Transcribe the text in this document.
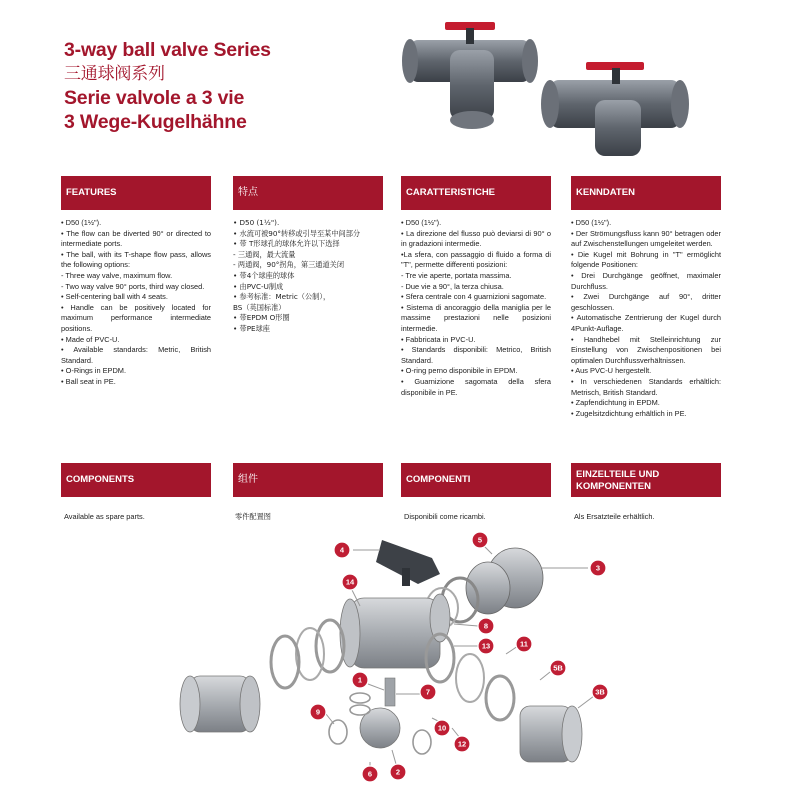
3-way ball valve Series
三通球阀系列
Serie valvole a 3 vie
3 Wege-Kugelhähne
FEATURES
• D50 (1½").
• The flow can be diverted 90° or directed to intermediate ports.
• The ball, with its T-shape flow pass, allows the following options:
- Three way valve, maximum flow.
- Two way valve 90° ports, third way closed.
• Self-centering ball with 4 seats.
• Handle can be positively located for maximum performance intermediate positions.
• Made of PVC-U.
• Available standards: Metric, British Standard.
• O-Rings in EPDM.
• Ball seat in PE.
特点
• D50 (1½").
• 水流可被90°转移或引导至某中间部分
• 带 T形球孔的球体允许以下选择
- 三通阀，最大流量
- 两通阀，90°拐角，第三通道关闭
• 带4个球座的球体
• 由PVC-U制成
• 参考标准：Metric（公制），
BS（英国标准）
• 带EPDM O形圈
• 带PE球座
CARATTERISTICHE
• D50 (1½").
• La direzione del flusso può deviarsi di 90° o in gradazioni intermedie.
•La sfera, con passaggio di fluido a forma di "T", permette differenti posizioni:
- Tre vie aperte, portata massima.
- Due vie a 90°, la terza chiusa.
• Sfera centrale con 4 guarnizioni sagomate.
• Sistema di ancoraggio della maniglia per le massime prestazioni nelle posizioni intermedie.
• Fabbricata in PVC-U.
• Standards disponibili: Metrico, British Standard.
• O-ring perno disponibile in EPDM.
• Guarnizione sagomata della sfera disponibile in PE.
KENNDATEN
• D50 (1½").
• Der Strömungsfluss kann 90° betragen oder auf Zwischenstellungen umgeleitet werden.
• Die Kugel mit Bohrung in "T" ermöglicht folgende Positionen:
• Drei Durchgänge geöffnet, maximaler Durchfluss.
• Zwei Durchgänge auf 90°, dritter geschlossen.
• Automatische Zentrierung der Kugel durch 4Punkt-Auflage.
• Handhebel mit Stelleinrichtung zur Einstellung von Zwischenpositionen bei optimalen Durchflussverhältnissen.
• Aus PVC-U hergestellt.
• In verschiedenen Standards erhältlich: Metrisch, British Standard.
• Zapfendichtung in EPDM.
• Zugelsitzdichtung erhältlich in PE.
COMPONENTS	组件	COMPONENTI	EINZELTEILE UND KOMPONENTEN
Available as spare parts.	零件配置图	Disponibili come ricambi.	Als Ersatzteile erhältlich.
4
5
3
14
8
13	11
5B
3B
1
7
9
10
12
6	2
